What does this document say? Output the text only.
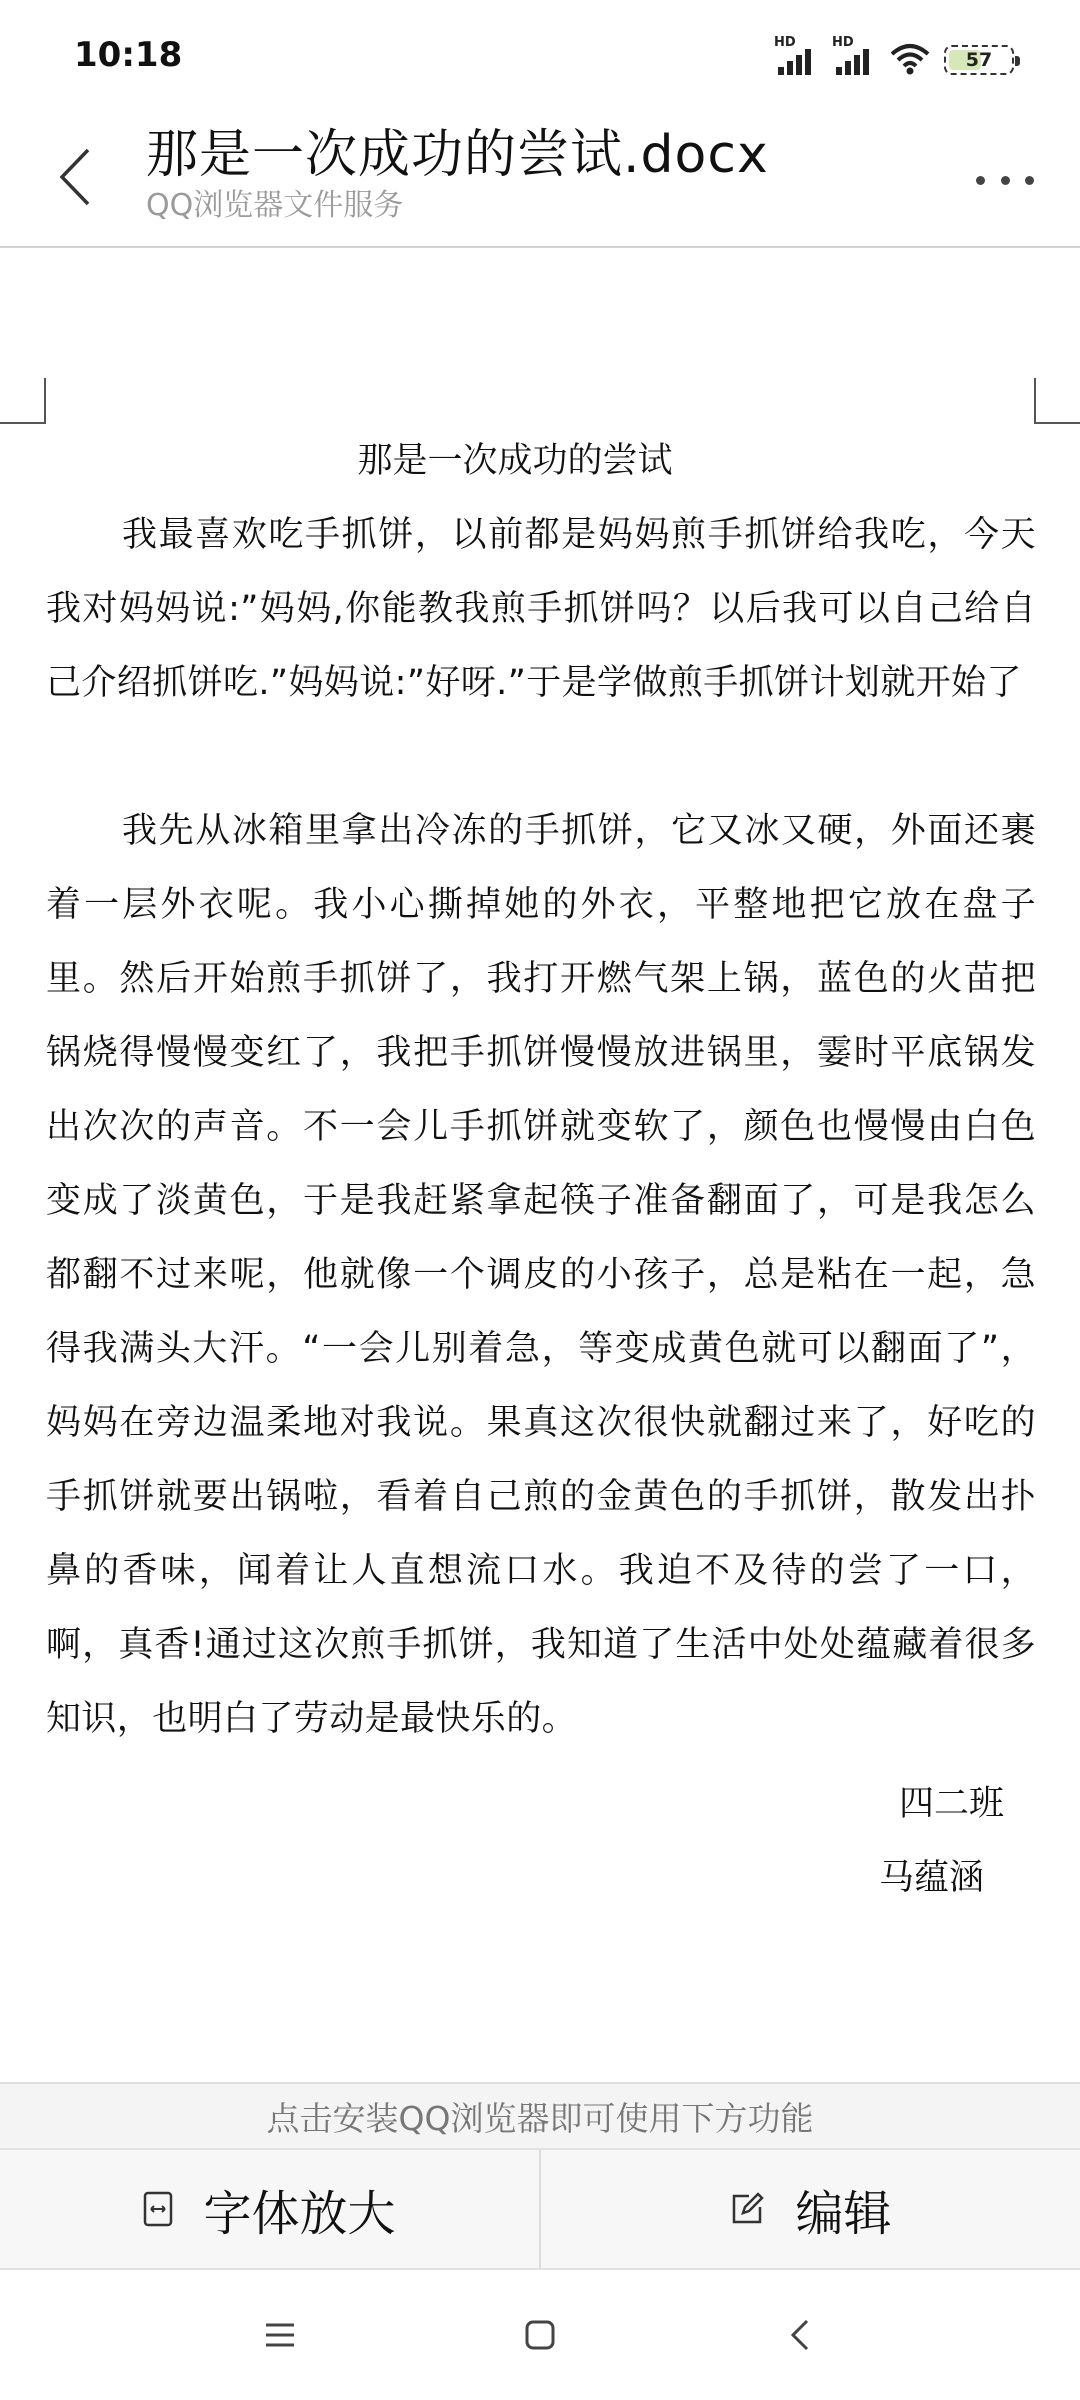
10:18	HD	HD
57
那是一次成功的尝试.docx
QQ浏览器文件服务
那是一次成功的尝试

我最喜欢吃手抓饼，以前都是妈妈煎手抓饼给我吃，今天我对妈妈说:”妈妈,你能教我煎手抓饼吗？以后我可以自己给自己介绍抓饼吃.”妈妈说:”好呀.”于是学做煎手抓饼计划就开始了

我先从冰箱里拿出冷冻的手抓饼，它又冰又硬，外面还裹着一层外衣呢。我小心撕掉她的外衣，平整地把它放在盘子里。然后开始煎手抓饼了，我打开燃气架上锅，蓝色的火苗把锅烧得慢慢变红了，我把手抓饼慢慢放进锅里，霎时平底锅发出次次的声音。不一会儿手抓饼就变软了，颜色也慢慢由白色变成了淡黄色，于是我赶紧拿起筷子准备翻面了，可是我怎么都翻不过来呢，他就像一个调皮的小孩子，总是粘在一起，急得我满头大汗。“一会儿别着急，等变成黄色就可以翻面了”，妈妈在旁边温柔地对我说。果真这次很快就翻过来了，好吃的手抓饼就要出锅啦，看着自己煎的金黄色的手抓饼，散发出扑鼻的香味，闻着让人直想流口水。我迫不及待的尝了一口，啊，真香!通过这次煎手抓饼，我知道了生活中处处蕴藏着很多知识，也明白了劳动是最快乐的。

四二班
马蕴涵
点击安装QQ浏览器即可使用下方功能
字体放大	编辑
